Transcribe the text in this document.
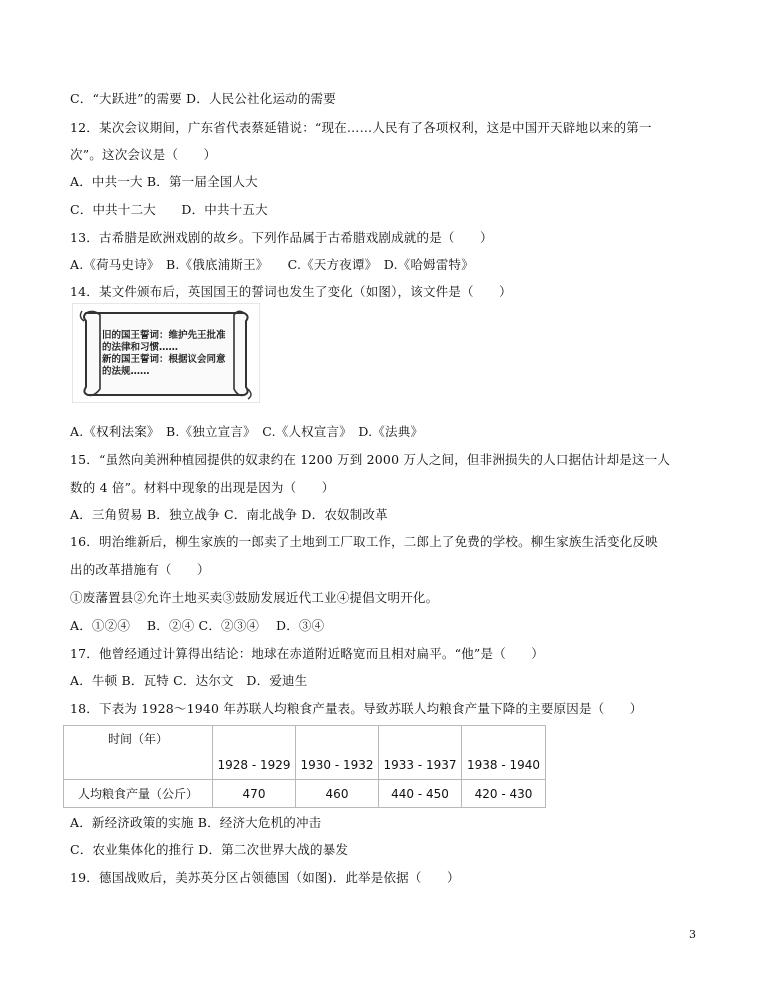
C．“大跃进”的需要 D．人民公社化运动的需要
12．某次会议期间，广东省代表蔡延错说：“现在……人民有了各项权利，这是中国开天辟地以来的第一
次”。这次会议是（　　）
A．中共一大 B．第一届全国人大
C．中共十二大　　D．中共十五大
13．古希腊是欧洲戏剧的故乡。下列作品属于古希腊戏剧成就的是（　　）
A.《荷马史诗》　B.《俄底浦斯王》　　C.《天方夜谭》　D.《哈姆雷特》
14．某文件颁布后，英国国王的誓词也发生了变化（如图），该文件是（　　）
旧的国王誓词：维护先王批准
的法律和习惯……
新的国王誓词：根据议会同意
的法规……
A.《权利法案》　B.《独立宣言》　C.《人权宣言》　D.《法典》
15．“虽然向美洲种植园提供的奴隶约在 1200 万到 2000 万人之间，但非洲损失的人口据估计却是这一人
数的 4 倍”。材料中现象的出现是因为（　　）
A．三角贸易 B．独立战争 C．南北战争 D．农奴制改革
16．明治维新后，柳生家族的一郎卖了土地到工厂取工作，二郎上了免费的学校。柳生家族生活变化反映
出的改革措施有（　　）
①废藩置县②允许土地买卖③鼓励发展近代工业④提倡文明开化。
A．①②④　 B．②④ C．②③④　 D．③④
17．他曾经通过计算得出结论：地球在赤道附近略宽而且相对扁平。“他”是（　　）
A．牛顿 B．瓦特 C．达尔文　D．爱迪生
18．下表为 1928～1940 年苏联人均粮食产量表。导致苏联人均粮食产量下降的主要原因是（　　）
时间（年）				
	1928 - 1929	1930 - 1932	1933 - 1937	1938 - 1940
人均粮食产量（公斤）	470	460	440 - 450	420 - 430
A．新经济政策的实施 B．经济大危机的冲击
C．农业集体化的推行 D．第二次世界大战的暴发
19．德国战败后，美苏英分区占领德国（如图)．此举是依据（　　）
3
